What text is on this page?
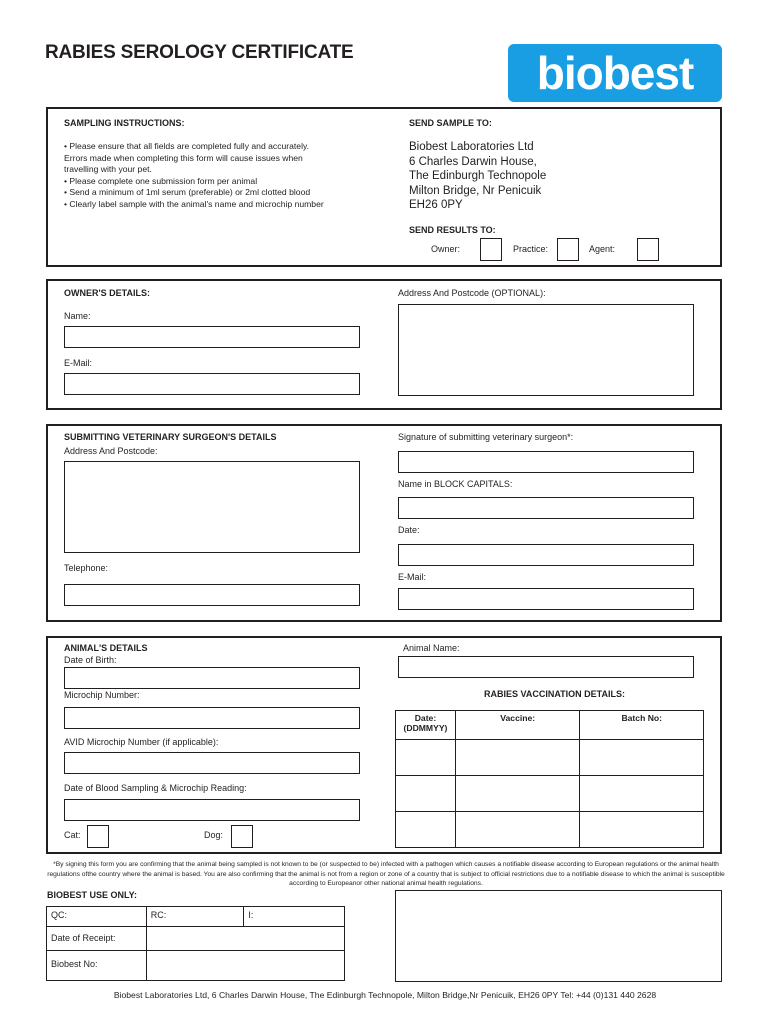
RABIES SEROLOGY CERTIFICATE	biobest
SAMPLING INSTRUCTIONS:
• Please ensure that all fields are completed fully and accurately.
Errors made when completing this form will cause issues when
travelling with your pet.
• Please complete one submission form per animal
• Send a minimum of 1ml serum (preferable) or 2ml clotted blood
• Clearly label sample with the animal's name and microchip number
SEND SAMPLE TO:
Biobest Laboratories Ltd
6 Charles Darwin House,
The Edinburgh Technopole
Milton Bridge, Nr Penicuik
EH26 0PY
SEND RESULTS TO:
Owner:	Practice:	Agent:
OWNER'S DETAILS:	Address And Postcode (OPTIONAL):
Name:
E-Mail:
SUBMITTING VETERINARY SURGEON'S DETAILS
Address And Postcode:
Telephone:
Signature of submitting veterinary surgeon*:
Name in BLOCK CAPITALS:
Date:
E-Mail:
ANIMAL'S DETAILS
Date of Birth:
Animal Name:
Microchip Number:
AVID Microchip Number (if applicable):
Date of Blood Sampling & Microchip Reading:
Cat:	Dog:
RABIES VACCINATION DETAILS:
Date:
(DDMMYY)	Vaccine:	Batch No:

*By signing this form you are confirming that the animal being sampled is not known to be (or suspected to be) infected with a pathogen which causes a notifiable disease according to European regulations or the animal health regulations ofthe country where the animal is based. You are also confirming that the animal is not from a region or zone of a country that is subject to official restrictions due to a notifiable disease to which the animal is susceptible according to Europeanor other national animal health regulations.
BIOBEST USE ONLY:
QC:	RC:	I:
Date of Receipt:		
Biobest No:		
Biobest Laboratories Ltd, 6 Charles Darwin House, The Edinburgh Technopole, Milton Bridge,Nr Penicuik, EH26 0PY Tel: +44 (0)131 440 2628
